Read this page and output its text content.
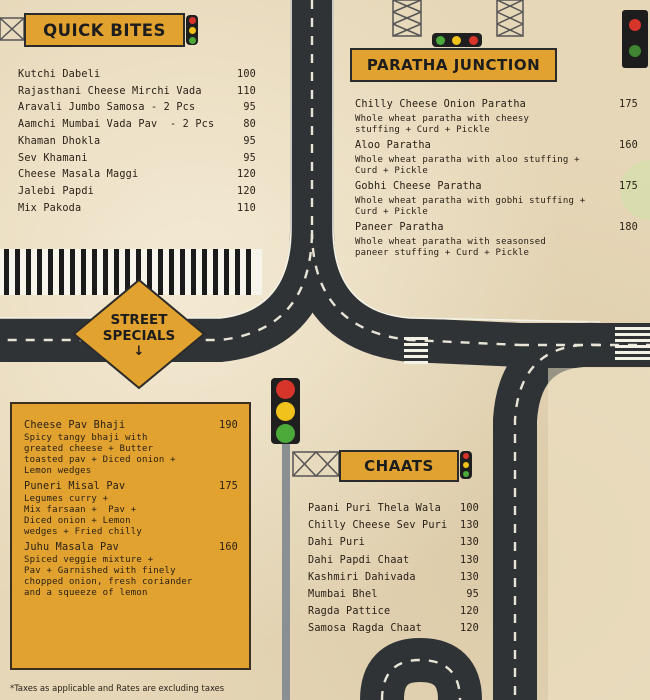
QUICK BITES
Kutchi Dabeli	100
Rajasthani Cheese Mirchi Vada	110
Aravali Jumbo Samosa - 2 Pcs	95
Aamchi Mumbai Vada Pav  - 2 Pcs	80
Khaman Dhokla	95
Sev Khamani	95
Cheese Masala Maggi	120
Jalebi Papdi	120
Mix Pakoda	110
PARATHA JUNCTION
Chilly Cheese Onion Paratha	175
Whole wheat paratha with cheesy
stuffing + Curd + Pickle
Aloo Paratha	160
Whole wheat paratha with aloo stuffing +
Curd + Pickle
Gobhi Cheese Paratha	175
Whole wheat paratha with gobhi stuffing +
Curd + Pickle
Paneer Paratha	180
Whole wheat paratha with seasonsed
paneer stuffing + Curd + Pickle
STREET
SPECIALS
↓
Cheese Pav Bhaji	190
Spicy tangy bhaji with
greated cheese + Butter
toasted pav + Diced onion +
Lemon wedges
Puneri Misal Pav	175
Legumes curry +
Mix farsaan +  Pav +
Diced onion + Lemon
wedges + Fried chilly
Juhu Masala Pav	160
Spiced veggie mixture +
Pav + Garnished with finely
chopped onion, fresh coriander
and a squeeze of lemon
CHAATS
Paani Puri Thela Wala 100
Chilly Cheese Sev Puri 130
Dahi Puri	130
Dahi Papdi Chaat	130
Kashmiri Dahivada	130
Mumbai Bhel	95
Ragda Pattice	120
Samosa Ragda Chaat	120
*Taxes as applicable and Rates are excluding taxes
